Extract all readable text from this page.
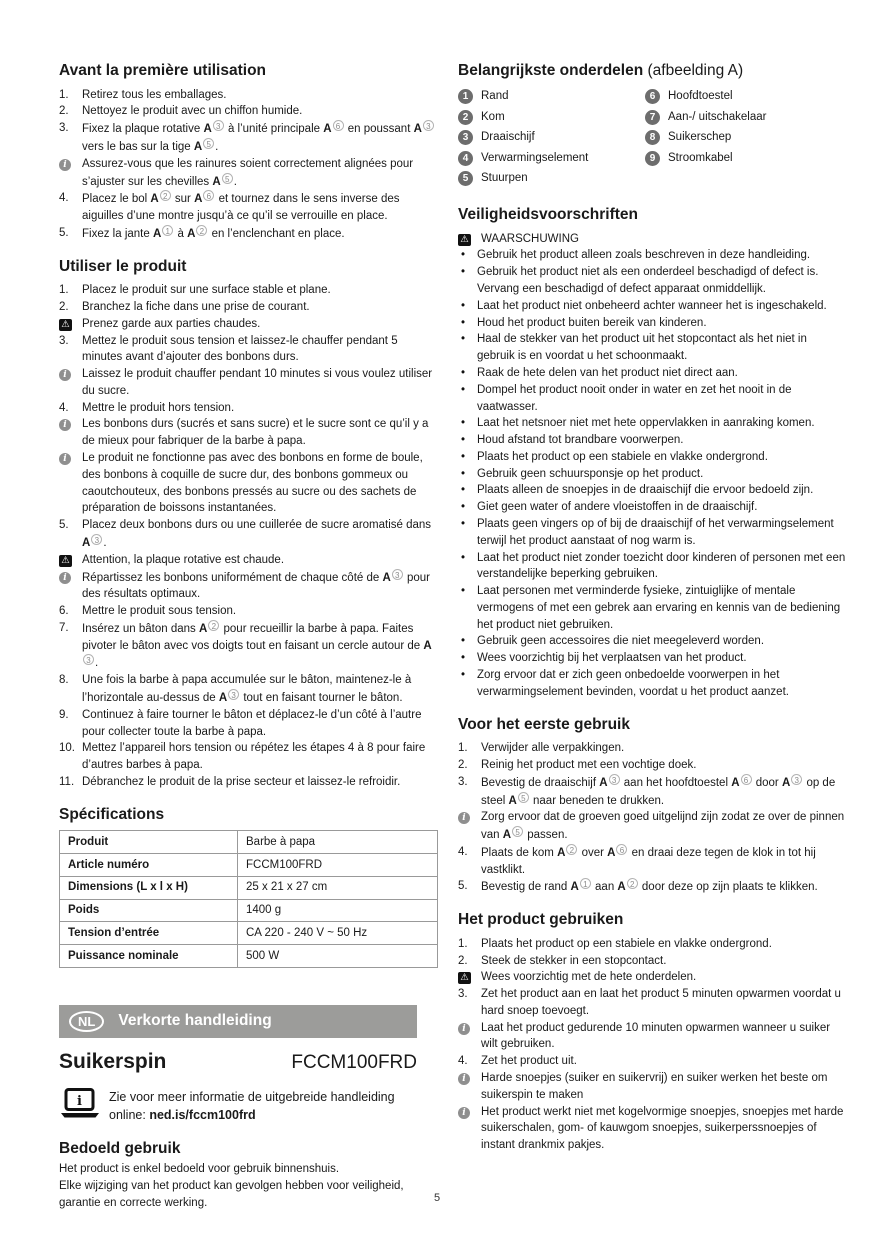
Avant la première utilisation
1.	Retirez tous les emballages.
2.	Nettoyez le produit avec un chiffon humide.
3.	Fixez la plaque rotative A 3 à l’unité principale A 6 en poussant A 3 vers le bas sur la tige A 5 .
i	Assurez-vous que les rainures soient correctement alignées pour s’ajuster sur les chevilles A 5 .
4.	Placez le bol A 2 sur A 6 et tournez dans le sens inverse des aiguilles d’une montre jusqu’à ce qu’il se verrouille en place.
5.	Fixez la jante A 1 à A 2 en l’enclenchant en place.
Utiliser le produit
1.	Placez le produit sur une surface stable et plane.
2.	Branchez la fiche dans une prise de courant.
⚠	Prenez garde aux parties chaudes.
3.	Mettez le produit sous tension et laissez-le chauffer pendant 5 minutes avant d’ajouter des bonbons durs.
i	Laissez le produit chauffer pendant 10 minutes si vous voulez utiliser du sucre.
4.	Mettre le produit hors tension.
i	Les bonbons durs (sucrés et sans sucre) et le sucre sont ce qu’il y a de mieux pour fabriquer de la barbe à papa.
i	Le produit ne fonctionne pas avec des bonbons en forme de boule, des bonbons à coquille de sucre dur, des bonbons gommeux ou caoutchouteux, des bonbons pressés au sucre ou des sachets de préparation de boissons instantanées.
5.	Placez deux bonbons durs ou une cuillerée de sucre aromatisé dans A 3 .
⚠	Attention, la plaque rotative est chaude.
i	Répartissez les bonbons uniformément de chaque côté de A 3 pour des résultats optimaux.
6.	Mettre le produit sous tension.
7.	Insérez un bâton dans A 2 pour recueillir la barbe à papa. Faites pivoter le bâton avec vos doigts tout en faisant un cercle autour de A3 .
8.	Une fois la barbe à papa accumulée sur le bâton, maintenez-le à l’horizontale au-dessus de A 3 tout en faisant tourner le bâton.
9.	Continuez à faire tourner le bâton et déplacez-le d’un côté à l’autre pour collecter toute la barbe à papa.
10. Mettez l’appareil hors tension ou répétez les étapes 4 à 8 pour faire d’autres barbes à papa.
11. Débranchez le produit de la prise secteur et laissez-le refroidir.
Spécifications
Produit	Barbe à papa
Article numéro	FCCM100FRD
Dimensions (L x l x H)	25 x 21 x 27 cm
Poids	1400 g
Tension d’entrée	CA 220 - 240 V ~ 50 Hz
Puissance nominale	500 W
NL	Verkorte handleiding
Suikerspin	FCCM100FRD
i Zie voor meer informatie de uitgebreide handleiding online: ned.is/fccm100frd

Bedoeld gebruik

Het product is enkel bedoeld voor gebruik binnenshuis.

Elke wijziging van het product kan gevolgen hebben voor veiligheid, garantie en correcte werking.

Belangrijkste onderdelen (afbeelding A)
1	Rand
2	Kom
3	Draaischijf
4	Verwarmingselement
5	Stuurpen
6	Hoofdtoestel
7	Aan-/ uitschakelaar
8	Suikerschep
9	Stroomkabel
Veiligheidsvoorschriften
⚠	WAARSCHUWING
•	Gebruik het product alleen zoals beschreven in deze handleiding.
•	Gebruik het product niet als een onderdeel beschadigd of defect is. Vervang een beschadigd of defect apparaat onmiddellijk.
•	Laat het product niet onbeheerd achter wanneer het is ingeschakeld.
•	Houd het product buiten bereik van kinderen.
•	Haal de stekker van het product uit het stopcontact als het niet in gebruik is en voordat u het schoonmaakt.
•	Raak de hete delen van het product niet direct aan.
•	Dompel het product nooit onder in water en zet het nooit in de vaatwasser.
•	Laat het netsnoer niet met hete oppervlakken in aanraking komen.
•	Houd afstand tot brandbare voorwerpen.
•	Plaats het product op een stabiele en vlakke ondergrond.
•	Gebruik geen schuursponsje op het product.
•	Plaats alleen de snoepjes in de draaischijf die ervoor bedoeld zijn.
•	Giet geen water of andere vloeistoffen in de draaischijf.
•	Plaats geen vingers op of bij de draaischijf of het verwarmingselement terwijl het product aanstaat of nog warm is.
•	Laat het product niet zonder toezicht door kinderen of personen met een verstandelijke beperking gebruiken.
•	Laat personen met verminderde fysieke, zintuiglijke of mentale vermogens of met een gebrek aan ervaring en kennis van de bediening het product niet gebruiken.
•	Gebruik geen accessoires die niet meegeleverd worden.
•	Wees voorzichtig bij het verplaatsen van het product.
•	Zorg ervoor dat er zich geen onbedoelde voorwerpen in het verwarmingselement bevinden, voordat u het product aanzet.
Voor het eerste gebruik
1.	Verwijder alle verpakkingen.
2.	Reinig het product met een vochtige doek.
3.	Bevestig de draaischijf A 3 aan het hoofdtoestel A 6 door A 3 op de steel A 5 naar beneden te drukken.
i	Zorg ervoor dat de groeven goed uitgelijnd zijn zodat ze over de pinnen van A 5 passen.
4.	Plaats de kom A 2 over A 6 en draai deze tegen de klok in tot hij vastklikt.
5.	Bevestig de rand A 1 aan A 2 door deze op zijn plaats te klikken.
Het product gebruiken
1.	Plaats het product op een stabiele en vlakke ondergrond.
2.	Steek de stekker in een stopcontact.
⚠	Wees voorzichtig met de hete onderdelen.
3.	Zet het product aan en laat het product 5 minuten opwarmen voordat u hard snoep toevoegt.
i	Laat het product gedurende 10 minuten opwarmen wanneer u suiker wilt gebruiken.
4.	Zet het product uit.
i	Harde snoepjes (suiker en suikervrij) en suiker werken het beste om suikerspin te maken
i	Het product werkt niet met kogelvormige snoepjes, snoepjes met harde suikerschalen, gom- of kauwgom snoepjes, suikerperssnoepjes of instant drankmix pakjes.
5
